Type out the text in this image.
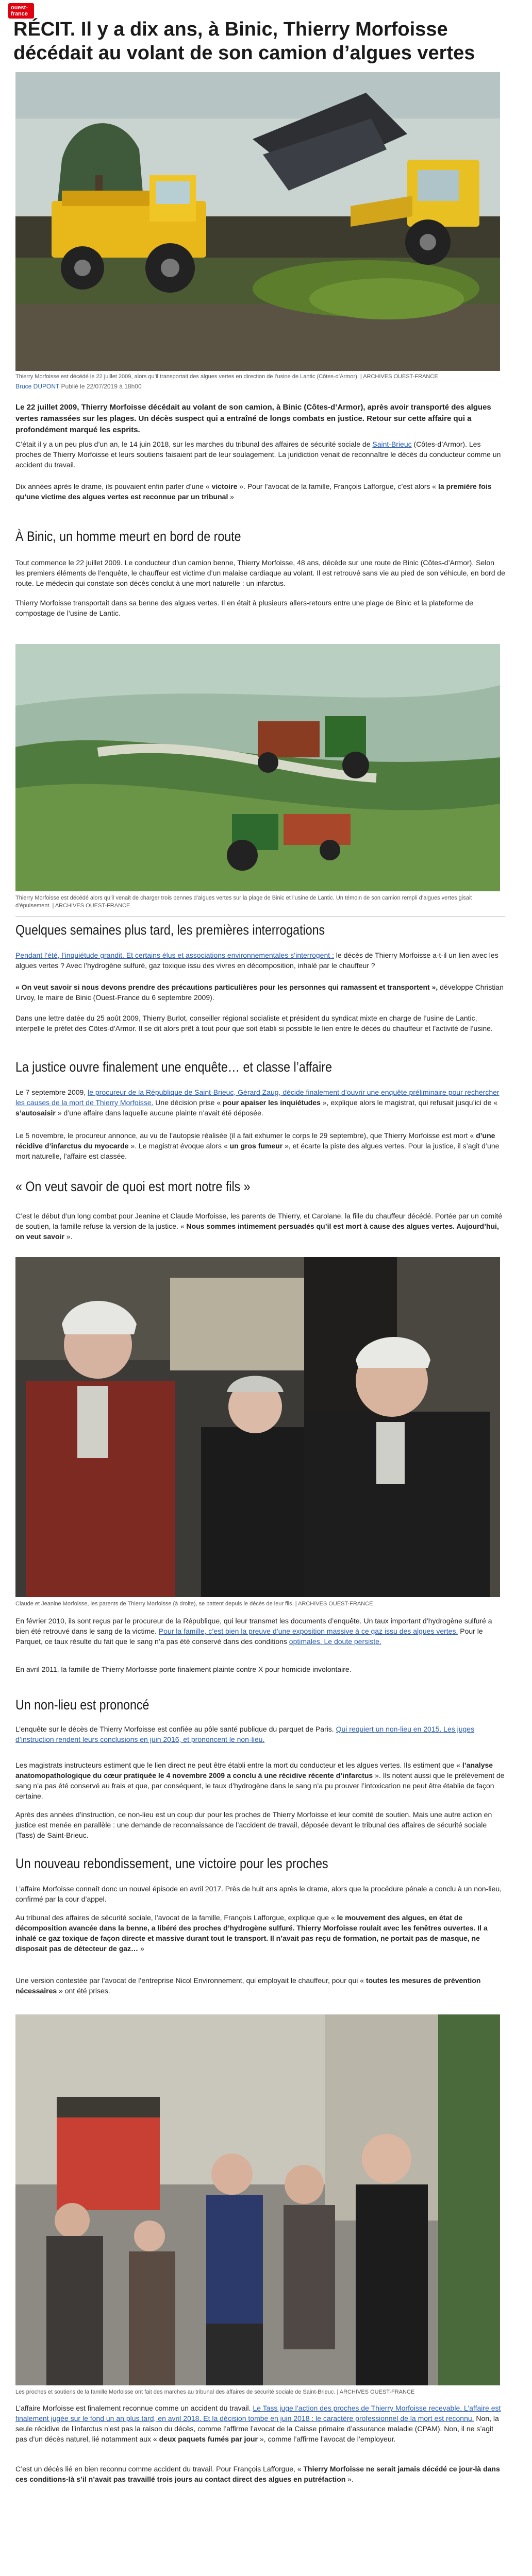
ouest-france
RÉCIT. Il y a dix ans, à Binic, Thierry Morfoisse décédait au volant de son camion d’algues vertes
Thierry Morfoisse est décédé le 22 juillet 2009, alors qu’il transportait des algues vertes en direction de l’usine de Lantic (Côtes-d’Armor). | ARCHIVES OUEST-FRANCE
Bruce DUPONT Publié le 22/07/2019 à 18h00

Le 22 juillet 2009, Thierry Morfoisse décédait au volant de son camion, à Binic (Côtes-d’Armor), après avoir transporté des algues vertes ramassées sur les plages. Un décès suspect qui a entraîné de longs combats en justice. Retour sur cette affaire qui a profondément marqué les esprits.

C’était il y a un peu plus d’un an, le 14 juin 2018, sur les marches du tribunal des affaires de sécurité sociale de Saint-Brieuc (Côtes-d’Armor). Les proches de Thierry Morfoisse et leurs soutiens faisaient part de leur soulagement. La juridiction venait de reconnaître le décès du conducteur comme un accident du travail.

Dix années après le drame, ils pouvaient enfin parler d’une « victoire ». Pour l’avocat de la famille, François Lafforgue, c’est alors « la première fois qu’une victime des algues vertes est reconnue par un tribunal »

À Binic, un homme meurt en bord de route

Tout commence le 22 juillet 2009. Le conducteur d’un camion benne, Thierry Morfoisse, 48 ans, décède sur une route de Binic (Côtes-d’Armor). Selon les premiers éléments de l’enquête, le chauffeur est victime d’un malaise cardiaque au volant. Il est retrouvé sans vie au pied de son véhicule, en bord de route. Le médecin qui constate son décès conclut à une mort naturelle : un infarctus.

Thierry Morfoisse transportait dans sa benne des algues vertes. Il en était à plusieurs allers-retours entre une plage de Binic et la plateforme de compostage de l’usine de Lantic.

Thierry Morfoisse est décédé alors qu’il venait de charger trois bennes d’algues vertes sur la plage de Binic et l’usine de Lantic. Un témoin de son camion rempli d’algues vertes gisait d’épuisement. | ARCHIVES OUEST-FRANCE
Quelques semaines plus tard, les premières interrogations

Pendant l’été, l’inquiétude grandit. Et certains élus et associations environnementales s’interrogent : le décès de Thierry Morfoisse a-t-il un lien avec les algues vertes ? Avec l’hydrogène sulfuré, gaz toxique issu des vivres en décomposition, inhalé par le chauffeur ?

« On veut savoir si nous devons prendre des précautions particulières pour les personnes qui ramassent et transportent », développe Christian Urvoy, le maire de Binic (Ouest-France du 6 septembre 2009).

Dans une lettre datée du 25 août 2009, Thierry Burlot, conseiller régional socialiste et président du syndicat mixte en charge de l’usine de Lantic, interpelle le préfet des Côtes-d’Armor. Il se dit alors prêt à tout pour que soit établi si possible le lien entre le décès du chauffeur et l’activité de l’usine.

La justice ouvre finalement une enquête… et classe l’affaire

Le 7 septembre 2009, le procureur de la République de Saint-Brieuc, Gérard Zaug, décide finalement d’ouvrir une enquête préliminaire pour rechercher les causes de la mort de Thierry Morfoisse. Une décision prise « pour apaiser les inquiétudes », explique alors le magistrat, qui refusait jusqu’ici de « s’autosaisir » d’une affaire dans laquelle aucune plainte n’avait été déposée.

Le 5 novembre, le procureur annonce, au vu de l’autopsie réalisée (il a fait exhumer le corps le 29 septembre), que Thierry Morfoisse est mort « d’une récidive d’infarctus du myocarde ». Le magistrat évoque alors « un gros fumeur », et écarte la piste des algues vertes. Pour la justice, il s’agit d’une mort naturelle, l’affaire est classée.

« On veut savoir de quoi est mort notre fils »

C’est le début d’un long combat pour Jeanine et Claude Morfoisse, les parents de Thierry, et Carolane, la fille du chauffeur décédé. Portée par un comité de soutien, la famille refuse la version de la justice. « Nous sommes intimement persuadés qu’il est mort à cause des algues vertes. Aujourd’hui, on veut savoir ».

Claude et Jeanine Morfoisse, les parents de Thierry Morfoisse (à droite), se battent depuis le décès de leur fils. | ARCHIVES OUEST-FRANCE

En février 2010, ils sont reçus par le procureur de la République, qui leur transmet les documents d’enquête. Un taux important d’hydrogène sulfuré a bien été retrouvé dans le sang de la victime. Pour la famille, c’est bien la preuve d’une exposition massive à ce gaz issu des algues vertes. Pour le Parquet, ce taux résulte du fait que le sang n’a pas été conservé dans des conditions optimales. Le doute persiste.

En avril 2011, la famille de Thierry Morfoisse porte finalement plainte contre X pour homicide involontaire.

Un non-lieu est prononcé

L’enquête sur le décès de Thierry Morfoisse est confiée au pôle santé publique du parquet de Paris. Qui requiert un non-lieu en 2015. Les juges d’instruction rendent leurs conclusions en juin 2016, et prononcent le non-lieu.

Les magistrats instructeurs estiment que le lien direct ne peut être établi entre la mort du conducteur et les algues vertes. Ils estiment que « l’analyse anatomopathologique du cœur pratiquée le 4 novembre 2009 a conclu à une récidive récente d’infarctus ». Ils notent aussi que le prélèvement de sang n’a pas été conservé au frais et que, par conséquent, le taux d’hydrogène dans le sang n’a pu prouver l’intoxication ne peut être établie de façon certaine.

Après des années d’instruction, ce non-lieu est un coup dur pour les proches de Thierry Morfoisse et leur comité de soutien. Mais une autre action en justice est menée en parallèle : une demande de reconnaissance de l’accident de travail, déposée devant le tribunal des affaires de sécurité sociale (Tass) de Saint-Brieuc.

Un nouveau rebondissement, une victoire pour les proches

L’affaire Morfoisse connaît donc un nouvel épisode en avril 2017. Près de huit ans après le drame, alors que la procédure pénale a conclu à un non-lieu, confirmé par la cour d’appel.

Au tribunal des affaires de sécurité sociale, l’avocat de la famille, François Lafforgue, explique que « le mouvement des algues, en état de décomposition avancée dans la benne, a libéré des proches d’hydrogène sulfuré. Thierry Morfoisse roulait avec les fenêtres ouvertes. Il a inhalé ce gaz toxique de façon directe et massive durant tout le transport. Il n’avait pas reçu de formation, ne portait pas de masque, ne disposait pas de détecteur de gaz… »

Une version contestée par l’avocat de l’entreprise Nicol Environnement, qui employait le chauffeur, pour qui « toutes les mesures de prévention nécessaires » ont été prises.

Les proches et soutiens de la famille Morfoisse ont fait des marches au tribunal des affaires de sécurité sociale de Saint-Brieuc. | ARCHIVES OUEST-FRANCE

L’affaire Morfoisse est finalement reconnue comme un accident du travail. Le Tass juge l’action des proches de Thierry Morfoisse recevable. L’affaire est finalement jugée sur le fond un an plus tard, en avril 2018. Et la décision tombe en juin 2018 : le caractère professionnel de la mort est reconnu. Non, la seule récidive de l’infarctus n’est pas la raison du décès, comme l’affirme l’avocat de la Caisse primaire d’assurance maladie (CPAM). Non, il ne s’agit pas d’un décès naturel, lié notamment aux « deux paquets fumés par jour », comme l’affirme l’avocat de l’employeur.

C’est un décès lié en bien reconnu comme accident du travail. Pour François Lafforgue, « Thierry Morfoisse ne serait jamais décédé ce jour-là dans ces conditions-là s’il n’avait pas travaillé trois jours au contact direct des algues en putréfaction ».
